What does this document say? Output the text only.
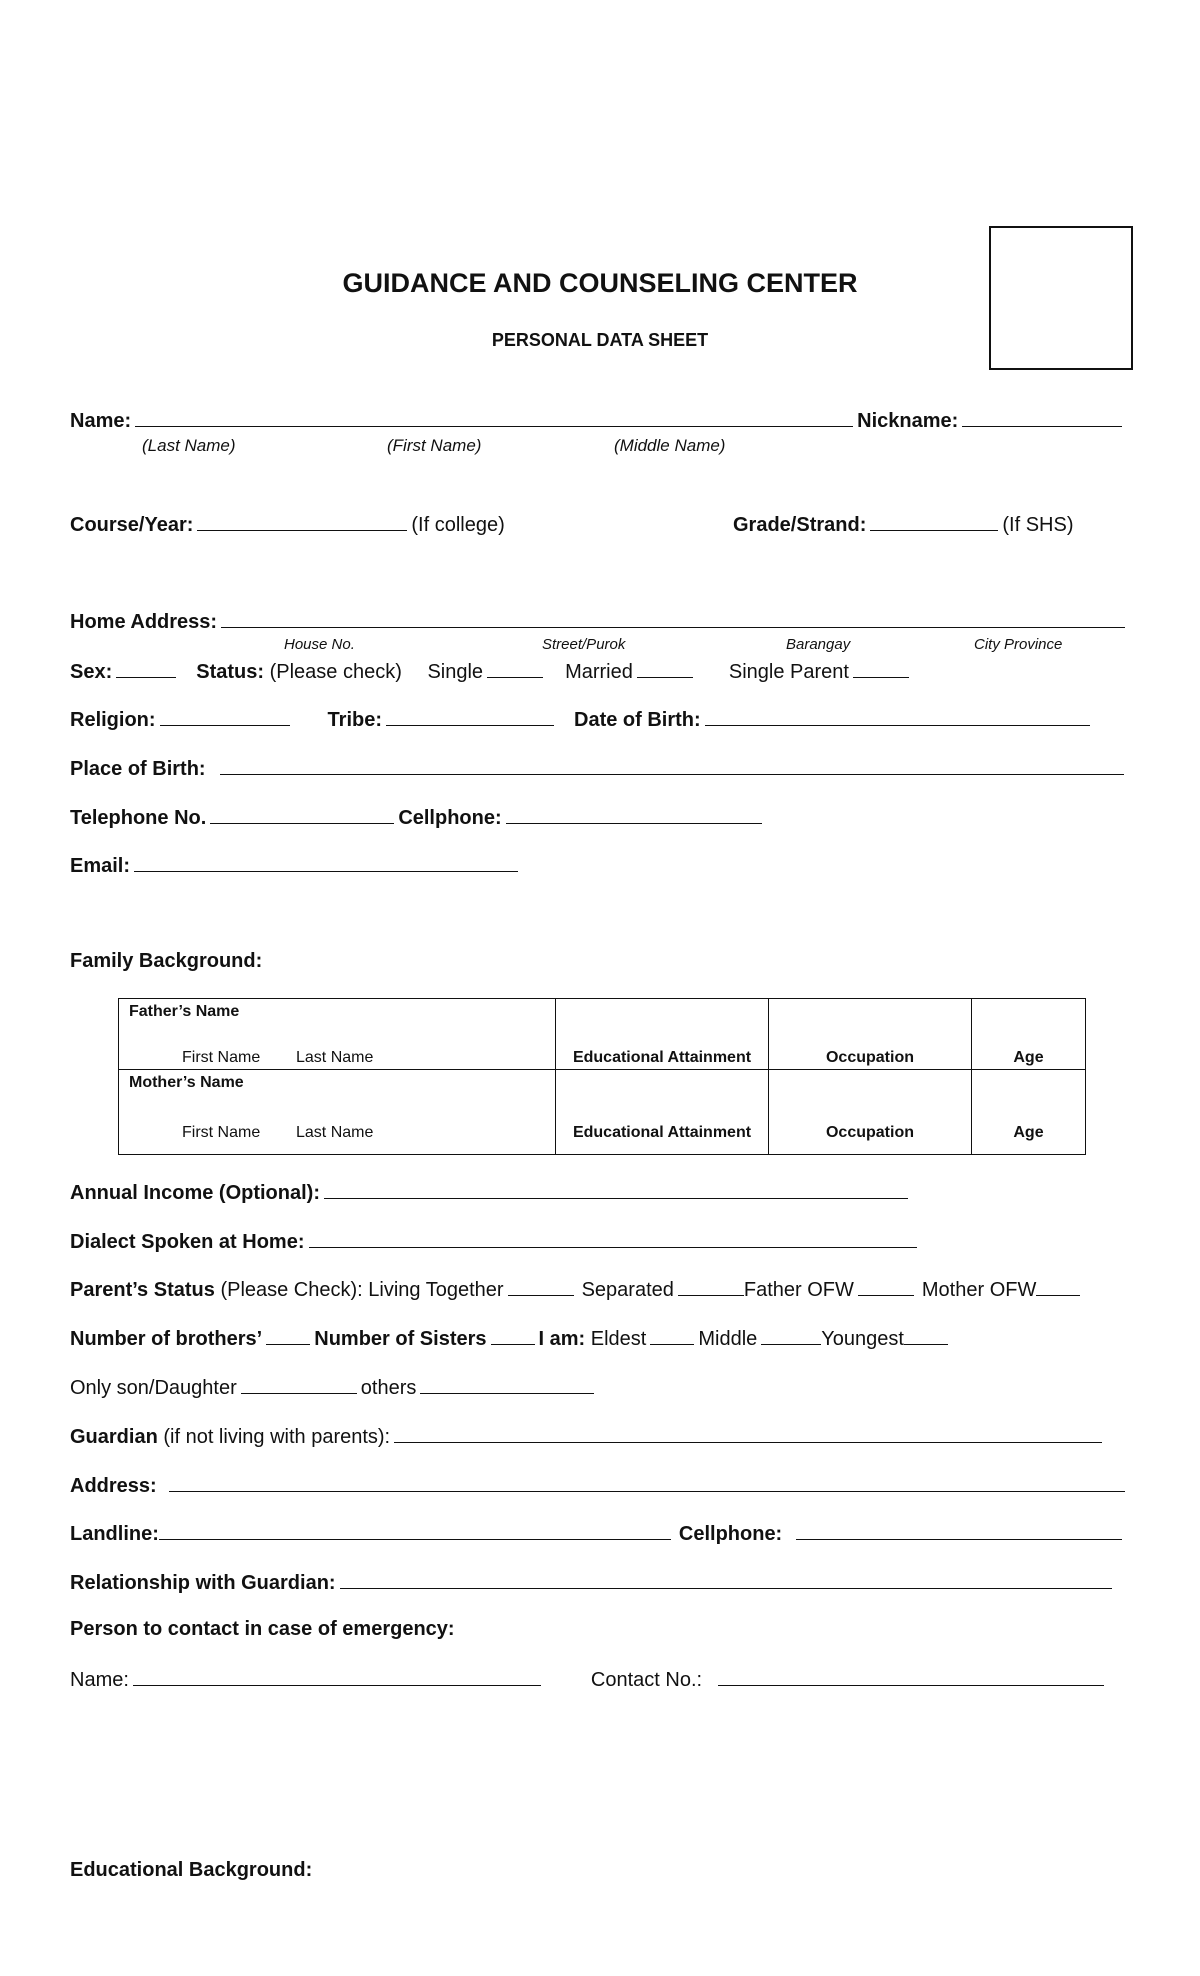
GUIDANCE AND COUNSELING CENTER
PERSONAL DATA SHEET
Name:	Nickname:
(Last Name)	(First Name)	(Middle Name)
Course/Year:	(If college)	Grade/Strand:	(If SHS)
Home Address:
House No.	Street/Purok	Barangay	City Province
Sex:	Status: (Please check) Single	Married	Single Parent
Religion:	Tribe:	Date of Birth:
Place of Birth:
Telephone No.	Cellphone:
Email:
Family Background:
Father’s Name
First Name Last Name	Educational Attainment	Occupation	Age

Mother’s Name
First Name Last Name	Educational Attainment	Occupation	Age
Annual Income (Optional):
Dialect Spoken at Home:
Parent’s Status (Please Check): Living Together	Separated	Father OFW	Mother OFW
Number of brothers’	Number of Sisters	I am: Eldest	Middle	Youngest
Only son/Daughter	others
Guardian (if not living with parents):
Address:
Landline:	Cellphone:
Relationship with Guardian:
Person to contact in case of emergency:
Name:	Contact No.:
Educational Background:
